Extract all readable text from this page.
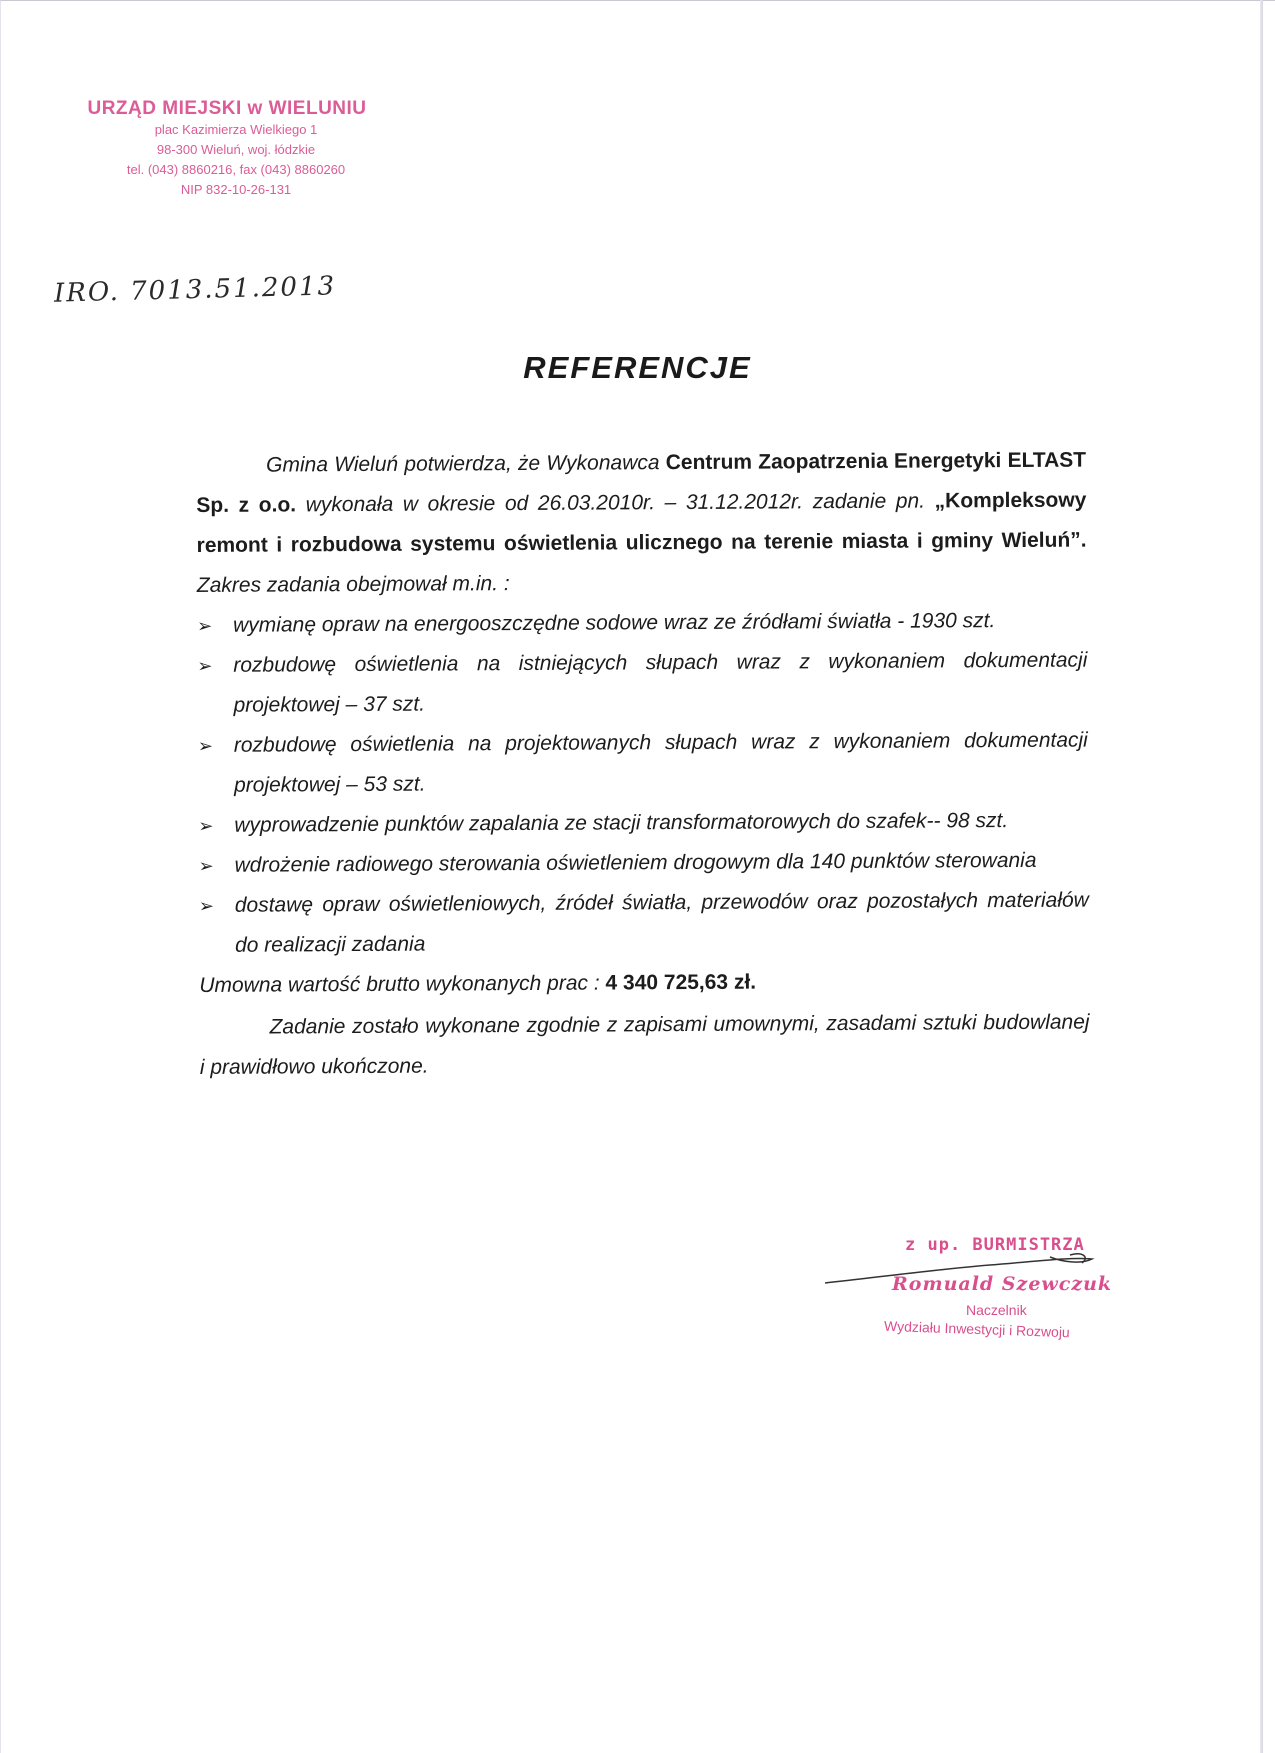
URZĄD MIEJSKI w WIELUNIU
plac Kazimierza Wielkiego 1
98-300 Wieluń, woj. łódzkie
tel. (043) 8860216, fax (043) 8860260
NIP 832-10-26-131
IRO. 7013.51.2013
REFERENCJE
Gmina Wieluń potwierdza, że Wykonawca Centrum Zaopatrzenia Energetyki ELTAST Sp. z o.o. wykonała w okresie od 26.03.2010r. – 31.12.2012r. zadanie pn. „Kompleksowy remont i rozbudowa systemu oświetlenia ulicznego na terenie miasta i gminy Wieluń”. Zakres zadania obejmował m.in. :
➢ wymianę opraw na energooszczędne sodowe wraz ze źródłami światła - 1930 szt.
➢ rozbudowę oświetlenia na istniejących słupach wraz z wykonaniem dokumentacji projektowej – 37 szt.
➢ rozbudowę oświetlenia na projektowanych słupach wraz z wykonaniem dokumentacji projektowej – 53 szt.
➢ wyprowadzenie punktów zapalania ze stacji transformatorowych do szafek-- 98 szt.
➢ wdrożenie radiowego sterowania oświetleniem drogowym dla 140 punktów sterowania
➢ dostawę opraw oświetleniowych, źródeł światła, przewodów oraz pozostałych materiałów do realizacji zadania
Umowna wartość brutto wykonanych prac : 4 340 725,63 zł.
Zadanie zostało wykonane zgodnie z zapisami umownymi, zasadami sztuki budowlanej i prawidłowo ukończone.
z up. BURMISTRZA
Romuald Szewczuk
Naczelnik
Wydziału Inwestycji i Rozwoju
